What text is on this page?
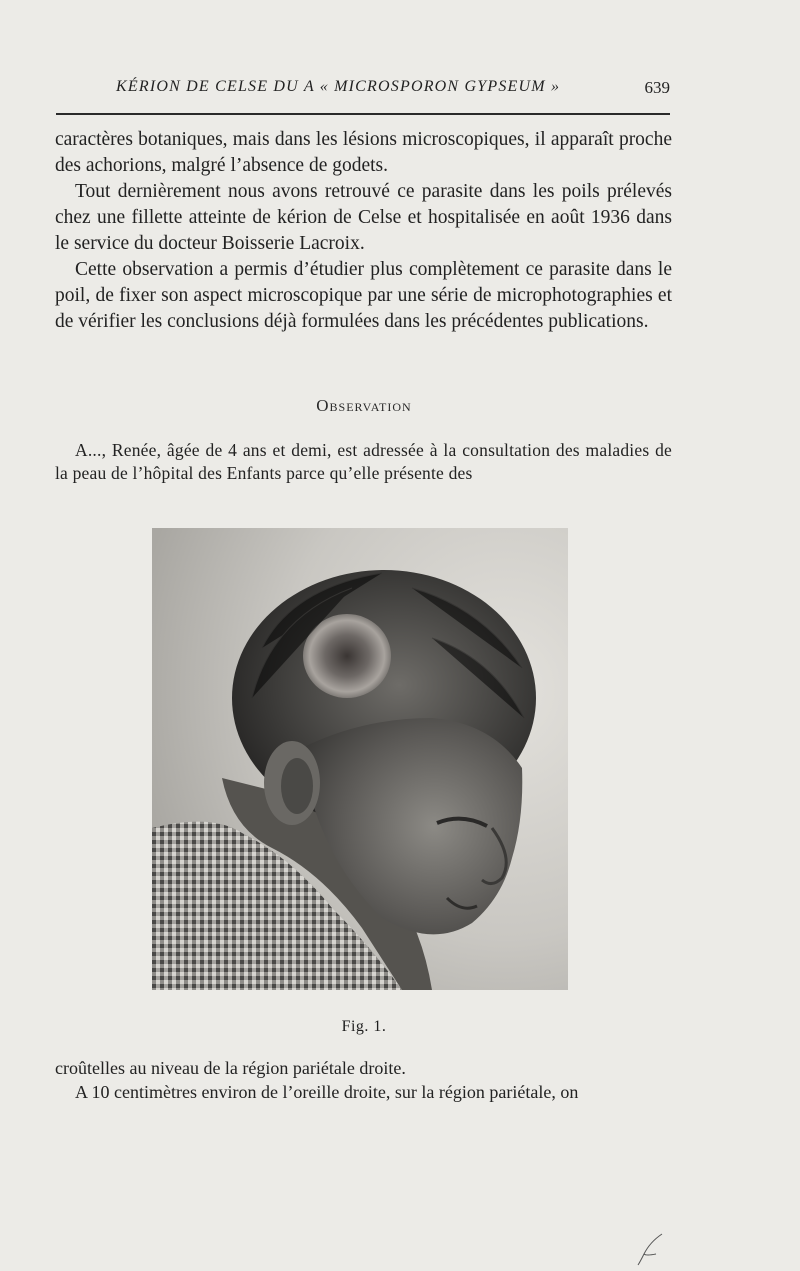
KÉRION DE CELSE DU A « MICROSPORON GYPSEUM »	639

caractères botaniques, mais dans les lésions microscopiques, il apparaît proche des achorions, malgré l’absence de godets.

Tout dernièrement nous avons retrouvé ce parasite dans les poils prélevés chez une fillette atteinte de kérion de Celse et hospitalisée en août 1936 dans le service du docteur Boisserie Lacroix.

Cette observation a permis d’étudier plus complètement ce parasite dans le poil, de fixer son aspect microscopique par une série de microphotographies et de vérifier les conclusions déjà formulées dans les précédentes publications.

Observation

A..., Renée, âgée de 4 ans et demi, est adressée à la consultation des maladies de la peau de l’hôpital des Enfants parce qu’elle présente des

Fig. 1.

croûtelles au niveau de la région pariétale droite.

A 10 centimètres environ de l’oreille droite, sur la région pariétale, on
